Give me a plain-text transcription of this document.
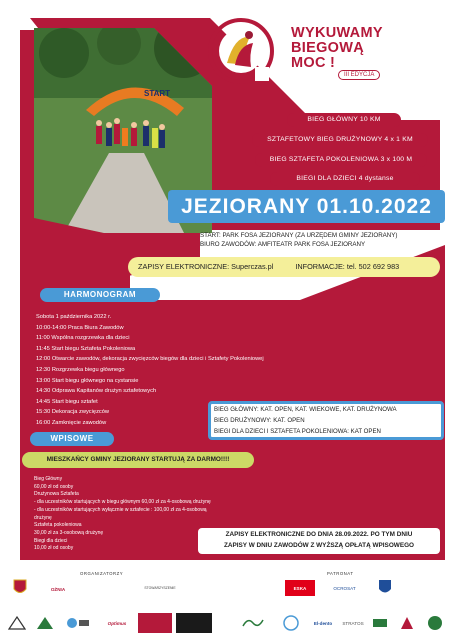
START
WYKUWAMY
BIEGOWĄ
MOC !
III EDYCJA
BIEG GŁÓWNY 10 KM
SZTAFETOWY BIEG DRUŻYNOWY 4 x 1 KM
BIEG SZTAFETA POKOLENIOWA 3 x 100 M
BIEGI DLA DZIECI 4 dystanse
JEZIORANY 01.10.2022
START: PARK FOSA JEZIORANY (ZA URZĘDEM GMINY JEZIORANY)
BIURO ZAWODÓW: AMFITEATR PARK FOSA JEZIORANY
ZAPISY ELEKTRONICZNE: Superczas.pl	INFORMACJE: tel. 502 692 983
HARMONOGRAM
Sobota 1 października 2022 r.
10:00-14:00 Praca Biura Zawodów
11:00 Wspólna rozgrzewka dla dzieci
11:45 Start biegu Sztafeta Pokoleniowa
12:00 Otwarcie zawodów, dekoracja zwycięzców biegów dla dzieci i Sztafety Pokoleniowej
12:30 Rozgrzewka biegu głównego
13:00 Start biegu głównego na cystansie
14:30 Odprawa Kapitanów drużyn sztafetowych
14:45 Start biegu sztafet
15:30 Dekoracja zwycięzców
16:00 Zamknięcie zawodów
BIEG GŁÓWNY: KAT. OPEN, KAT. WIEKOWE, KAT. DRUŻYNOWA
BIEG DRUŻYNOWY: KAT. OPEN
BIEGI DLA DZIECI I SZTAFETA POKOLENIOWA: KAT OPEN
WPISOWE
MIESZKAŃCY GMINY JEZIORANY STARTUJĄ ZA DARMO!!!!
Bieg Główny
60,00 zł od osoby
Drużynowa Sztafeta
- dla uczestników startujących w biegu głównym 60,00 zł za 4-osobową drużynę
- dla uczestników startujących wyłącznie w sztafecie : 100,00 zł za 4-osobową drużynę
Sztafeta pokoleniowa
30,00 zł za 3-osobową drużynę
Biegi dla dzieci
10,00 zł od osoby
ZAPISY ELEKTRONICZNE DO DNIA 28.09.2022. PO TYM DNIU
ZAPISY W DNIU ZAWODÓW Z WYŻSZĄ OPŁATĄ WPISOWEGO
ORGANIZATORZY	PATRONAT
OŻNIA	STOWARZYSZENIE	ESKA	OCROSAT
Optimus	El-dento	STRATOS
